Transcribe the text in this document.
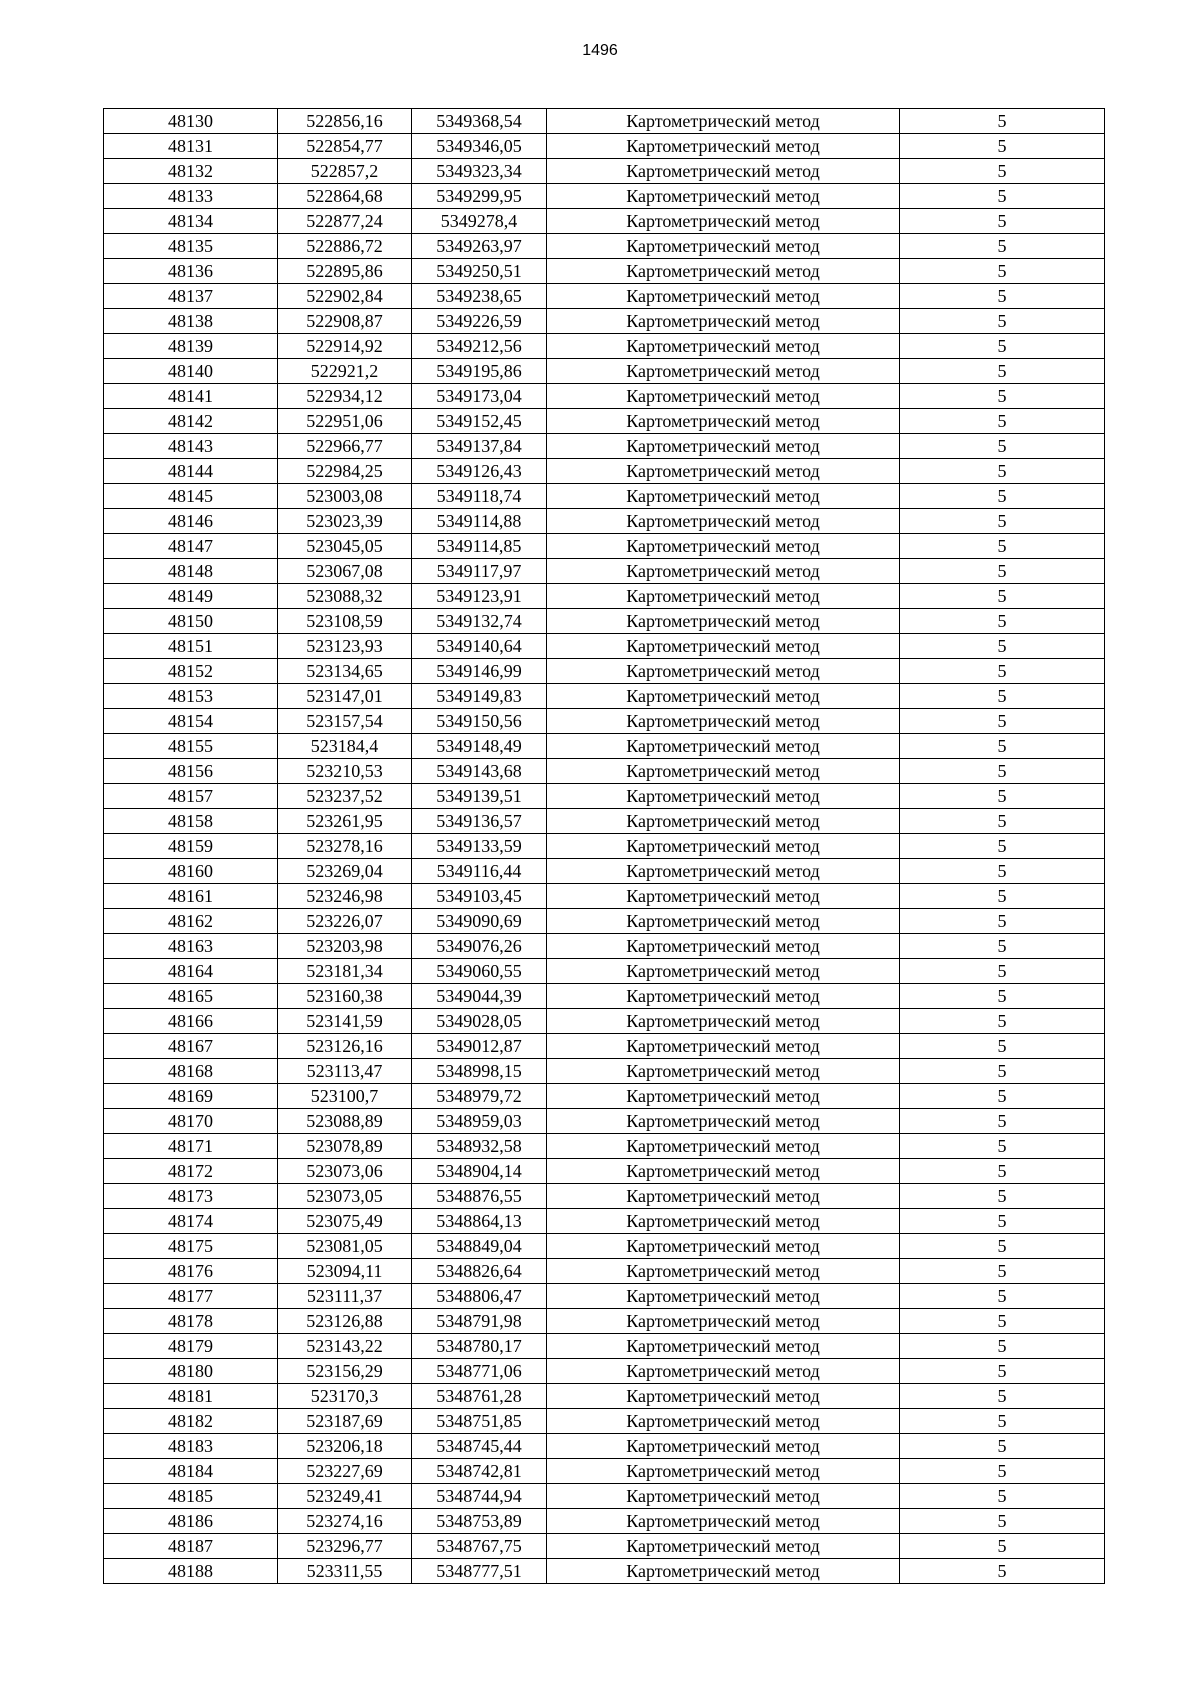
1496
48130	522856,16	5349368,54	Картометрический метод	5
48131	522854,77	5349346,05	Картометрический метод	5
48132	522857,2	5349323,34	Картометрический метод	5
48133	522864,68	5349299,95	Картометрический метод	5
48134	522877,24	5349278,4	Картометрический метод	5
48135	522886,72	5349263,97	Картометрический метод	5
48136	522895,86	5349250,51	Картометрический метод	5
48137	522902,84	5349238,65	Картометрический метод	5
48138	522908,87	5349226,59	Картометрический метод	5
48139	522914,92	5349212,56	Картометрический метод	5
48140	522921,2	5349195,86	Картометрический метод	5
48141	522934,12	5349173,04	Картометрический метод	5
48142	522951,06	5349152,45	Картометрический метод	5
48143	522966,77	5349137,84	Картометрический метод	5
48144	522984,25	5349126,43	Картометрический метод	5
48145	523003,08	5349118,74	Картометрический метод	5
48146	523023,39	5349114,88	Картометрический метод	5
48147	523045,05	5349114,85	Картометрический метод	5
48148	523067,08	5349117,97	Картометрический метод	5
48149	523088,32	5349123,91	Картометрический метод	5
48150	523108,59	5349132,74	Картометрический метод	5
48151	523123,93	5349140,64	Картометрический метод	5
48152	523134,65	5349146,99	Картометрический метод	5
48153	523147,01	5349149,83	Картометрический метод	5
48154	523157,54	5349150,56	Картометрический метод	5
48155	523184,4	5349148,49	Картометрический метод	5
48156	523210,53	5349143,68	Картометрический метод	5
48157	523237,52	5349139,51	Картометрический метод	5
48158	523261,95	5349136,57	Картометрический метод	5
48159	523278,16	5349133,59	Картометрический метод	5
48160	523269,04	5349116,44	Картометрический метод	5
48161	523246,98	5349103,45	Картометрический метод	5
48162	523226,07	5349090,69	Картометрический метод	5
48163	523203,98	5349076,26	Картометрический метод	5
48164	523181,34	5349060,55	Картометрический метод	5
48165	523160,38	5349044,39	Картометрический метод	5
48166	523141,59	5349028,05	Картометрический метод	5
48167	523126,16	5349012,87	Картометрический метод	5
48168	523113,47	5348998,15	Картометрический метод	5
48169	523100,7	5348979,72	Картометрический метод	5
48170	523088,89	5348959,03	Картометрический метод	5
48171	523078,89	5348932,58	Картометрический метод	5
48172	523073,06	5348904,14	Картометрический метод	5
48173	523073,05	5348876,55	Картометрический метод	5
48174	523075,49	5348864,13	Картометрический метод	5
48175	523081,05	5348849,04	Картометрический метод	5
48176	523094,11	5348826,64	Картометрический метод	5
48177	523111,37	5348806,47	Картометрический метод	5
48178	523126,88	5348791,98	Картометрический метод	5
48179	523143,22	5348780,17	Картометрический метод	5
48180	523156,29	5348771,06	Картометрический метод	5
48181	523170,3	5348761,28	Картометрический метод	5
48182	523187,69	5348751,85	Картометрический метод	5
48183	523206,18	5348745,44	Картометрический метод	5
48184	523227,69	5348742,81	Картометрический метод	5
48185	523249,41	5348744,94	Картометрический метод	5
48186	523274,16	5348753,89	Картометрический метод	5
48187	523296,77	5348767,75	Картометрический метод	5
48188	523311,55	5348777,51	Картометрический метод	5
